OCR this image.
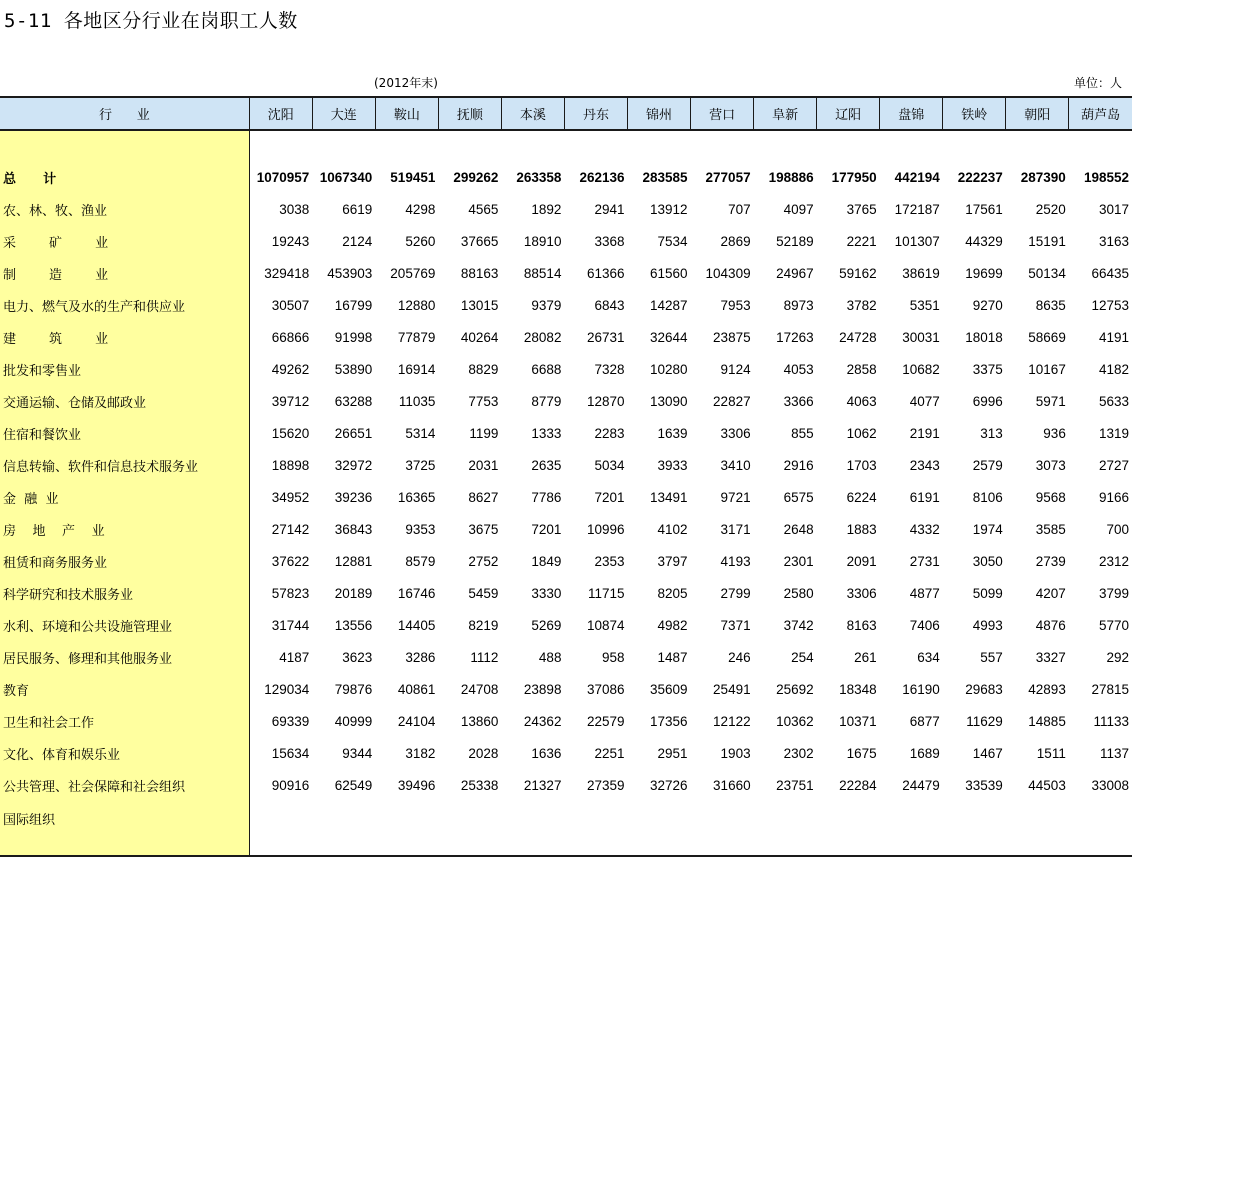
5-11 各地区分行业在岗职工人数
(2012年末)	单位：人
行      业	沈阳	大连	鞍山	抚顺	本溪	丹东	锦州	营口	阜新	辽阳	盘锦	铁岭	朝阳	葫芦岛

总      计	1070957	1067340	519451	299262	263358	262136	283585	277057	198886	177950	442194	222237	287390	198552
农、林、牧、渔业	3038	6619	4298	4565	1892	2941	13912	707	4097	3765	172187	17561	2520	3017
采        矿        业	19243	2124	5260	37665	18910	3368	7534	2869	52189	2221	101307	44329	15191	3163
制        造        业	329418	453903	205769	88163	88514	61366	61560	104309	24967	59162	38619	19699	50134	66435
电力、燃气及水的生产和供应业	30507	16799	12880	13015	9379	6843	14287	7953	8973	3782	5351	9270	8635	12753
建        筑        业	66866	91998	77879	40264	28082	26731	32644	23875	17263	24728	30031	18018	58669	4191
批发和零售业	49262	53890	16914	8829	6688	7328	10280	9124	4053	2858	10682	3375	10167	4182
交通运输、仓储及邮政业	39712	63288	11035	7753	8779	12870	13090	22827	3366	4063	4077	6996	5971	5633
住宿和餐饮业	15620	26651	5314	1199	1333	2283	1639	3306	855	1062	2191	313	936	1319
信息转输、软件和信息技术服务业	18898	32972	3725	2031	2635	5034	3933	3410	2916	1703	2343	2579	3073	2727
金  融  业	34952	39236	16365	8627	7786	7201	13491	9721	6575	6224	6191	8106	9568	9166
房    地    产    业	27142	36843	9353	3675	7201	10996	4102	3171	2648	1883	4332	1974	3585	700
租赁和商务服务业	37622	12881	8579	2752	1849	2353	3797	4193	2301	2091	2731	3050	2739	2312
科学研究和技术服务业	57823	20189	16746	5459	3330	11715	8205	2799	2580	3306	4877	5099	4207	3799
水利、环境和公共设施管理业	31744	13556	14405	8219	5269	10874	4982	7371	3742	8163	7406	4993	4876	5770
居民服务、修理和其他服务业	4187	3623	3286	1112	488	958	1487	246	254	261	634	557	3327	292
教育	129034	79876	40861	24708	23898	37086	35609	25491	25692	18348	16190	29683	42893	27815
卫生和社会工作	69339	40999	24104	13860	24362	22579	17356	12122	10362	10371	6877	11629	14885	11133
文化、体育和娱乐业	15634	9344	3182	2028	1636	2251	2951	1903	2302	1675	1689	1467	1511	1137
公共管理、社会保障和社会组织	90916	62549	39496	25338	21327	27359	32726	31660	23751	22284	24479	33539	44503	33008
国际组织														
